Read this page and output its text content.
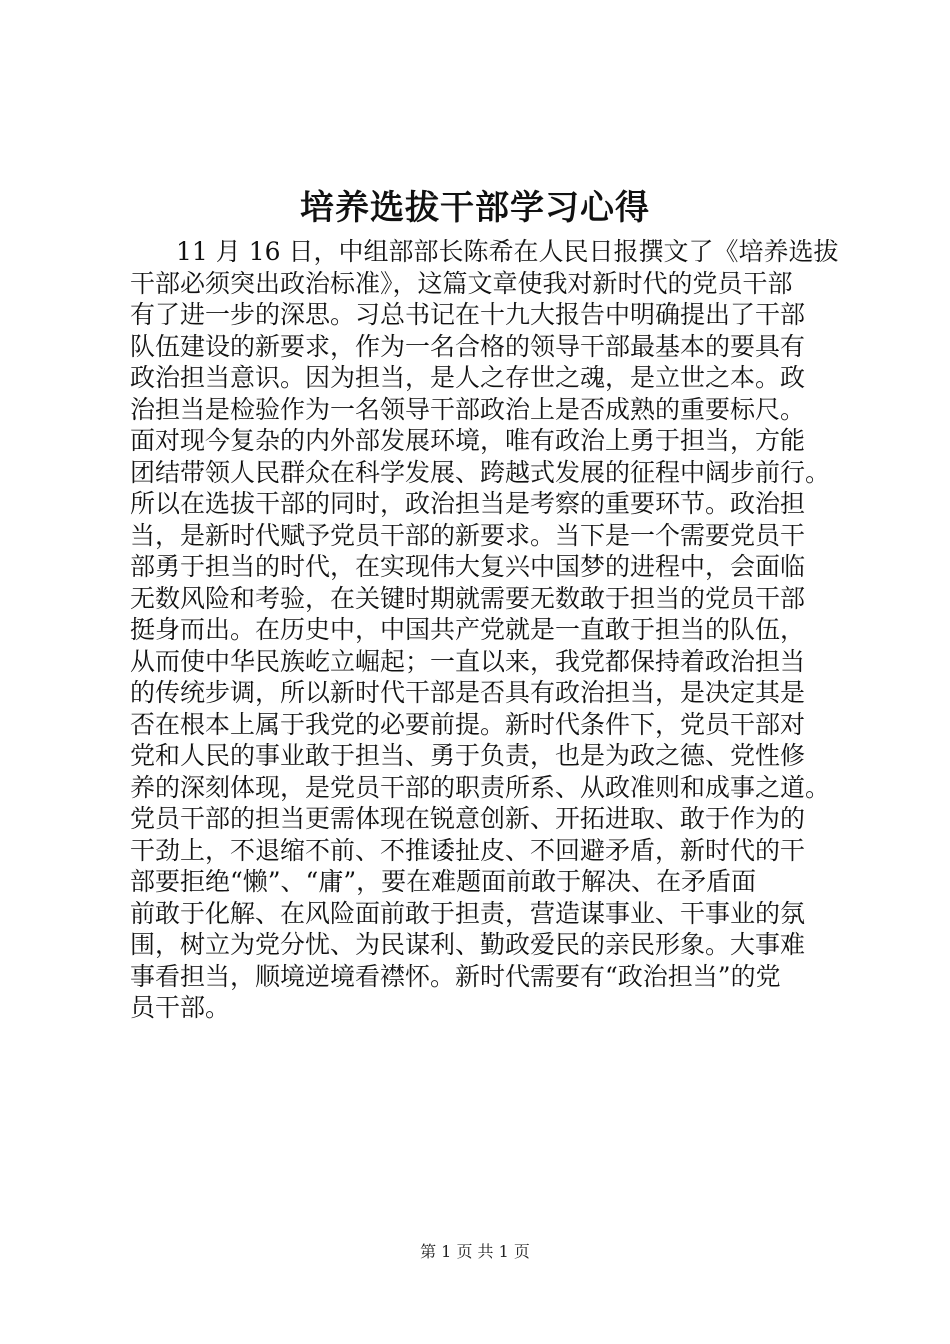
培养选拔干部学习心得
11 月 16 日，中组部部长陈希在人民日报撰文了《培养选拔
干部必须突出政治标准》，这篇文章使我对新时代的党员干部
有了进一步的深思。习总书记在十九大报告中明确提出了干部
队伍建设的新要求，作为一名合格的领导干部最基本的要具有
政治担当意识。因为担当，是人之存世之魂，是立世之本。政
治担当是检验作为一名领导干部政治上是否成熟的重要标尺。
面对现今复杂的内外部发展环境，唯有政治上勇于担当，方能
团结带领人民群众在科学发展、跨越式发展的征程中阔步前行。
所以在选拔干部的同时，政治担当是考察的重要环节。政治担
当，是新时代赋予党员干部的新要求。当下是一个需要党员干
部勇于担当的时代，在实现伟大复兴中国梦的进程中，会面临
无数风险和考验，在关键时期就需要无数敢于担当的党员干部
挺身而出。在历史中，中国共产党就是一直敢于担当的队伍，
从而使中华民族屹立崛起；一直以来，我党都保持着政治担当
的传统步调，所以新时代干部是否具有政治担当，是决定其是
否在根本上属于我党的必要前提。新时代条件下，党员干部对
党和人民的事业敢于担当、勇于负责，也是为政之德、党性修
养的深刻体现，是党员干部的职责所系、从政准则和成事之道。
党员干部的担当更需体现在锐意创新、开拓进取、敢于作为的
干劲上，不退缩不前、不推诿扯皮、不回避矛盾，新时代的干
部要拒绝“懒”、“庸”，要在难题面前敢于解决、在矛盾面
前敢于化解、在风险面前敢于担责，营造谋事业、干事业的氛
围，树立为党分忧、为民谋利、勤政爱民的亲民形象。大事难
事看担当，顺境逆境看襟怀。新时代需要有“政治担当”的党
员干部。
第 1 页 共 1 页
